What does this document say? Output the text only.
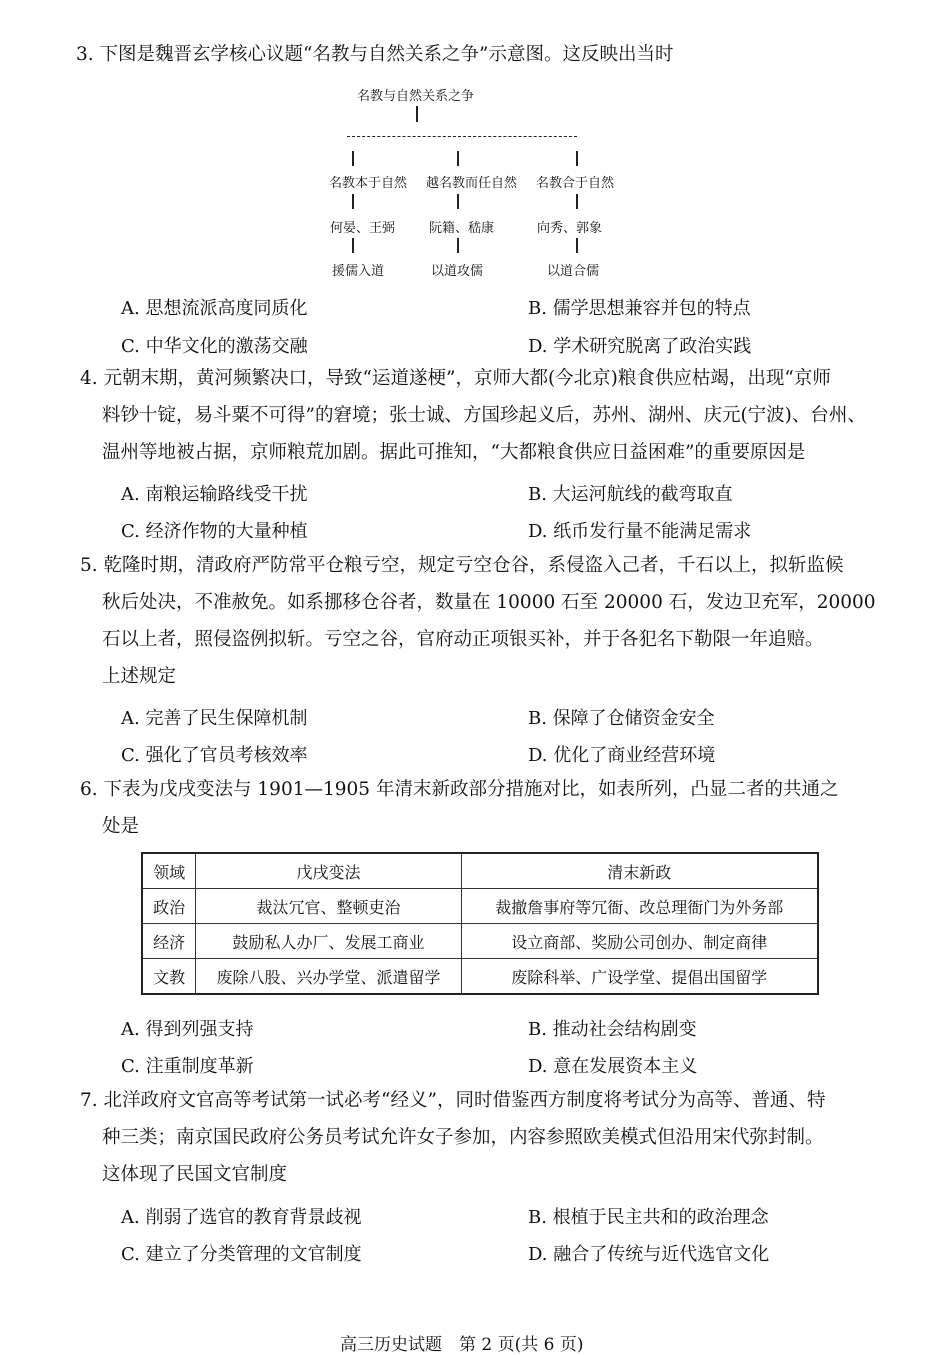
3. 下图是魏晋玄学核心议题“名教与自然关系之争”示意图。这反映出当时
名教与自然关系之争
名教本于自然 越名教而任自然 名教合于自然
何晏、王弼	阮籍、嵇康	向秀、郭象
援儒入道	以道攻儒	以道合儒
A. 思想流派高度同质化	B. 儒学思想兼容并包的特点
C. 中华文化的激荡交融	D. 学术研究脱离了政治实践
4. 元朝末期，黄河频繁决口，导致“运道遂梗”，京师大都(今北京)粮食供应枯竭，出现“京师
料钞十锭，易斗粟不可得”的窘境；张士诚、方国珍起义后，苏州、湖州、庆元(宁波)、台州、
温州等地被占据，京师粮荒加剧。据此可推知，“大都粮食供应日益困难”的重要原因是
A. 南粮运输路线受干扰	B. 大运河航线的截弯取直
C. 经济作物的大量种植	D. 纸币发行量不能满足需求
5. 乾隆时期，清政府严防常平仓粮亏空，规定亏空仓谷，系侵盗入己者，千石以上，拟斩监候
秋后处决，不准赦免。如系挪移仓谷者，数量在 10000 石至 20000 石，发边卫充军，20000
石以上者，照侵盗例拟斩。亏空之谷，官府动正项银买补，并于各犯名下勒限一年追赔。
上述规定
A. 完善了民生保障机制	B. 保障了仓储资金安全
C. 强化了官员考核效率	D. 优化了商业经营环境
6. 下表为戊戌变法与 1901—1905 年清末新政部分措施对比，如表所列，凸显二者的共通之
处是
领域	戊戌变法	清末新政
政治	裁汰冗官、整顿吏治	裁撤詹事府等冗衙、改总理衙门为外务部
经济	鼓励私人办厂、发展工商业	设立商部、奖励公司创办、制定商律
文教	废除八股、兴办学堂、派遣留学	废除科举、广设学堂、提倡出国留学
A. 得到列强支持	B. 推动社会结构剧变
C. 注重制度革新	D. 意在发展资本主义
7. 北洋政府文官高等考试第一试必考“经义”，同时借鉴西方制度将考试分为高等、普通、特
种三类；南京国民政府公务员考试允许女子参加，内容参照欧美模式但沿用宋代弥封制。
这体现了民国文官制度
A. 削弱了选官的教育背景歧视	B. 根植于民主共和的政治理念
C. 建立了分类管理的文官制度	D. 融合了传统与近代选官文化
高三历史试题　第 2 页(共 6 页)
